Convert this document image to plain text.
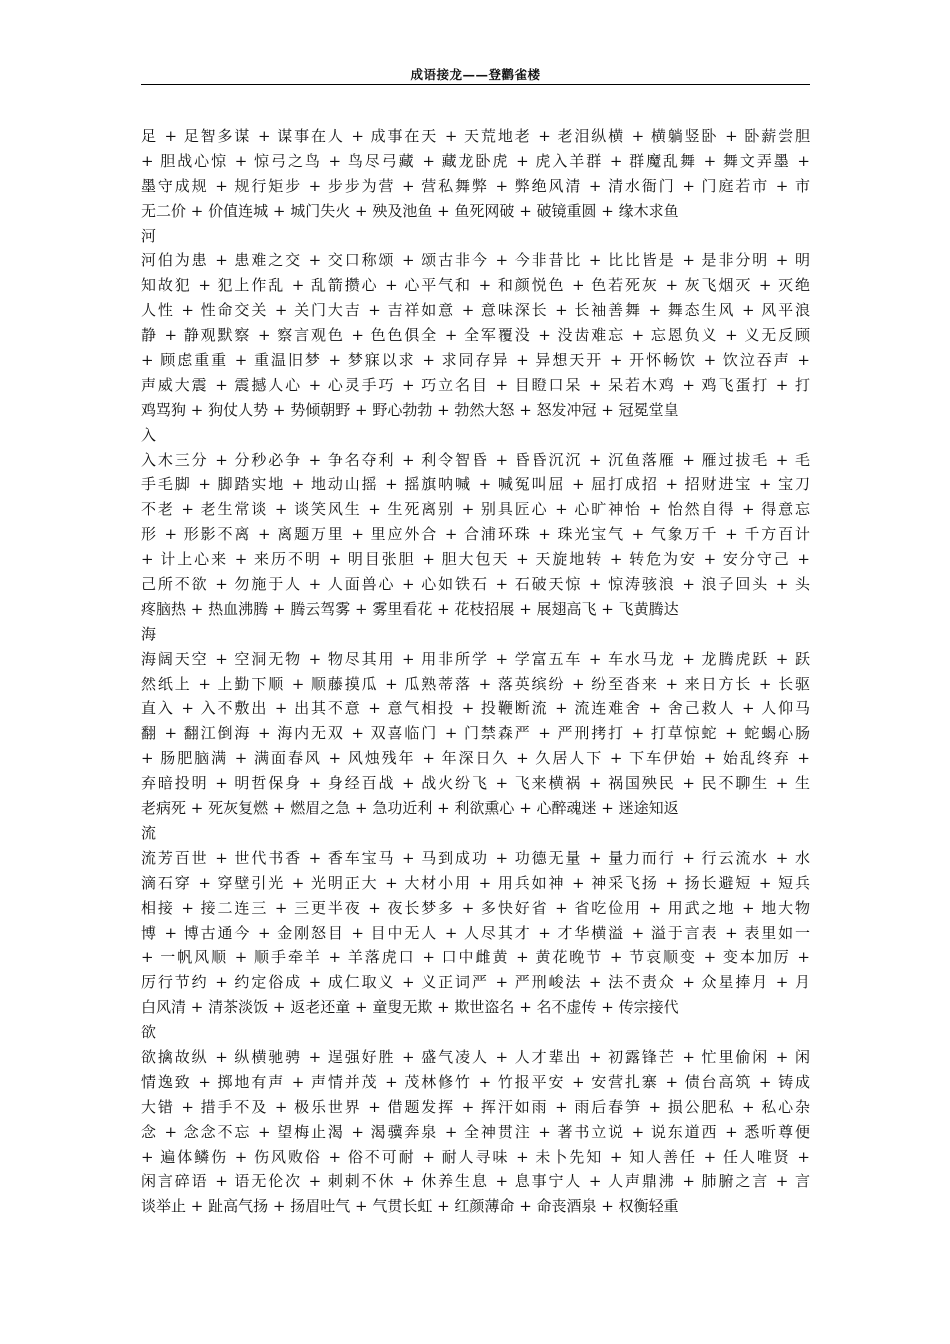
成语接龙——登鹳雀楼
足 + 足智多谋 + 谋事在人 + 成事在天 + 天荒地老 + 老泪纵横 + 横躺竖卧 + 卧薪尝胆
+ 胆战心惊 + 惊弓之鸟 + 鸟尽弓藏 + 藏龙卧虎 + 虎入羊群 + 群魔乱舞 + 舞文弄墨 +
墨守成规 + 规行矩步 + 步步为营 + 营私舞弊 + 弊绝风清 + 清水衙门 + 门庭若市 + 市
无二价 + 价值连城 + 城门失火 + 殃及池鱼 + 鱼死网破 + 破镜重圆 + 缘木求鱼
河
河伯为患 + 患难之交 + 交口称颂 + 颂古非今 + 今非昔比 + 比比皆是 + 是非分明 + 明
知故犯 + 犯上作乱 + 乱箭攒心 + 心平气和 + 和颜悦色 + 色若死灰 + 灰飞烟灭 + 灭绝
人性 + 性命交关 + 关门大吉 + 吉祥如意 + 意味深长 + 长袖善舞 + 舞态生风 + 风平浪
静 + 静观默察 + 察言观色 + 色色俱全 + 全军覆没 + 没齿难忘 + 忘恩负义 + 义无反顾
+ 顾虑重重 + 重温旧梦 + 梦寐以求 + 求同存异 + 异想天开 + 开怀畅饮 + 饮泣吞声 +
声威大震 + 震撼人心 + 心灵手巧 + 巧立名目 + 目瞪口呆 + 呆若木鸡 + 鸡飞蛋打 + 打
鸡骂狗 + 狗仗人势 + 势倾朝野 + 野心勃勃 + 勃然大怒 + 怒发冲冠 + 冠冕堂皇
入
入木三分 + 分秒必争 + 争名夺利 + 利令智昏 + 昏昏沉沉 + 沉鱼落雁 + 雁过拔毛 + 毛
手毛脚 + 脚踏实地 + 地动山摇 + 摇旗呐喊 + 喊冤叫屈 + 屈打成招 + 招财进宝 + 宝刀
不老 + 老生常谈 + 谈笑风生 + 生死离别 + 别具匠心 + 心旷神怡 + 怡然自得 + 得意忘
形 + 形影不离 + 离题万里 + 里应外合 + 合浦环珠 + 珠光宝气 + 气象万千 + 千方百计
+ 计上心来 + 来历不明 + 明目张胆 + 胆大包天 + 天旋地转 + 转危为安 + 安分守己 +
己所不欲 + 勿施于人 + 人面兽心 + 心如铁石 + 石破天惊 + 惊涛骇浪 + 浪子回头 + 头
疼脑热 + 热血沸腾 + 腾云驾雾 + 雾里看花 + 花枝招展 + 展翅高飞 + 飞黄腾达
海
海阔天空 + 空洞无物 + 物尽其用 + 用非所学 + 学富五车 + 车水马龙 + 龙腾虎跃 + 跃
然纸上 + 上勤下顺 + 顺藤摸瓜 + 瓜熟蒂落 + 落英缤纷 + 纷至沓来 + 来日方长 + 长驱
直入 + 入不敷出 + 出其不意 + 意气相投 + 投鞭断流 + 流连难舍 + 舍己救人 + 人仰马
翻 + 翻江倒海 + 海内无双 + 双喜临门 + 门禁森严 + 严刑拷打 + 打草惊蛇 + 蛇蝎心肠
+ 肠肥脑满 + 满面春风 + 风烛残年 + 年深日久 + 久居人下 + 下车伊始 + 始乱终弃 +
弃暗投明 + 明哲保身 + 身经百战 + 战火纷飞 + 飞来横祸 + 祸国殃民 + 民不聊生 + 生
老病死 + 死灰复燃 + 燃眉之急 + 急功近利 + 利欲熏心 + 心醉魂迷 + 迷途知返
流
流芳百世 + 世代书香 + 香车宝马 + 马到成功 + 功德无量 + 量力而行 + 行云流水 + 水
滴石穿 + 穿壁引光 + 光明正大 + 大材小用 + 用兵如神 + 神采飞扬 + 扬长避短 + 短兵
相接 + 接二连三 + 三更半夜 + 夜长梦多 + 多快好省 + 省吃俭用 + 用武之地 + 地大物
博 + 博古通今 + 金刚怒目 + 目中无人 + 人尽其才 + 才华横溢 + 溢于言表 + 表里如一
+ 一帆风顺 + 顺手牵羊 + 羊落虎口 + 口中雌黄 + 黄花晚节 + 节哀顺变 + 变本加厉 +
厉行节约 + 约定俗成 + 成仁取义 + 义正词严 + 严刑峻法 + 法不责众 + 众星捧月 + 月
白风清 + 清茶淡饭 + 返老还童 + 童叟无欺 + 欺世盗名 + 名不虚传 + 传宗接代
欲
欲擒故纵 + 纵横驰骋 + 逞强好胜 + 盛气凌人 + 人才辈出 + 初露锋芒 + 忙里偷闲 + 闲
情逸致 + 掷地有声 + 声情并茂 + 茂林修竹 + 竹报平安 + 安营扎寨 + 债台高筑 + 铸成
大错 + 措手不及 + 极乐世界 + 借题发挥 + 挥汗如雨 + 雨后春笋 + 损公肥私 + 私心杂
念 + 念念不忘 + 望梅止渴 + 渴骥奔泉 + 全神贯注 + 著书立说 + 说东道西 + 悉听尊便
+ 遍体鳞伤 + 伤风败俗 + 俗不可耐 + 耐人寻味 + 未卜先知 + 知人善任 + 任人唯贤 +
闲言碎语 + 语无伦次 + 刺刺不休 + 休养生息 + 息事宁人 + 人声鼎沸 + 肺腑之言 + 言
谈举止 + 趾高气扬 + 扬眉吐气 + 气贯长虹 + 红颜薄命 + 命丧酒泉 + 权衡轻重
